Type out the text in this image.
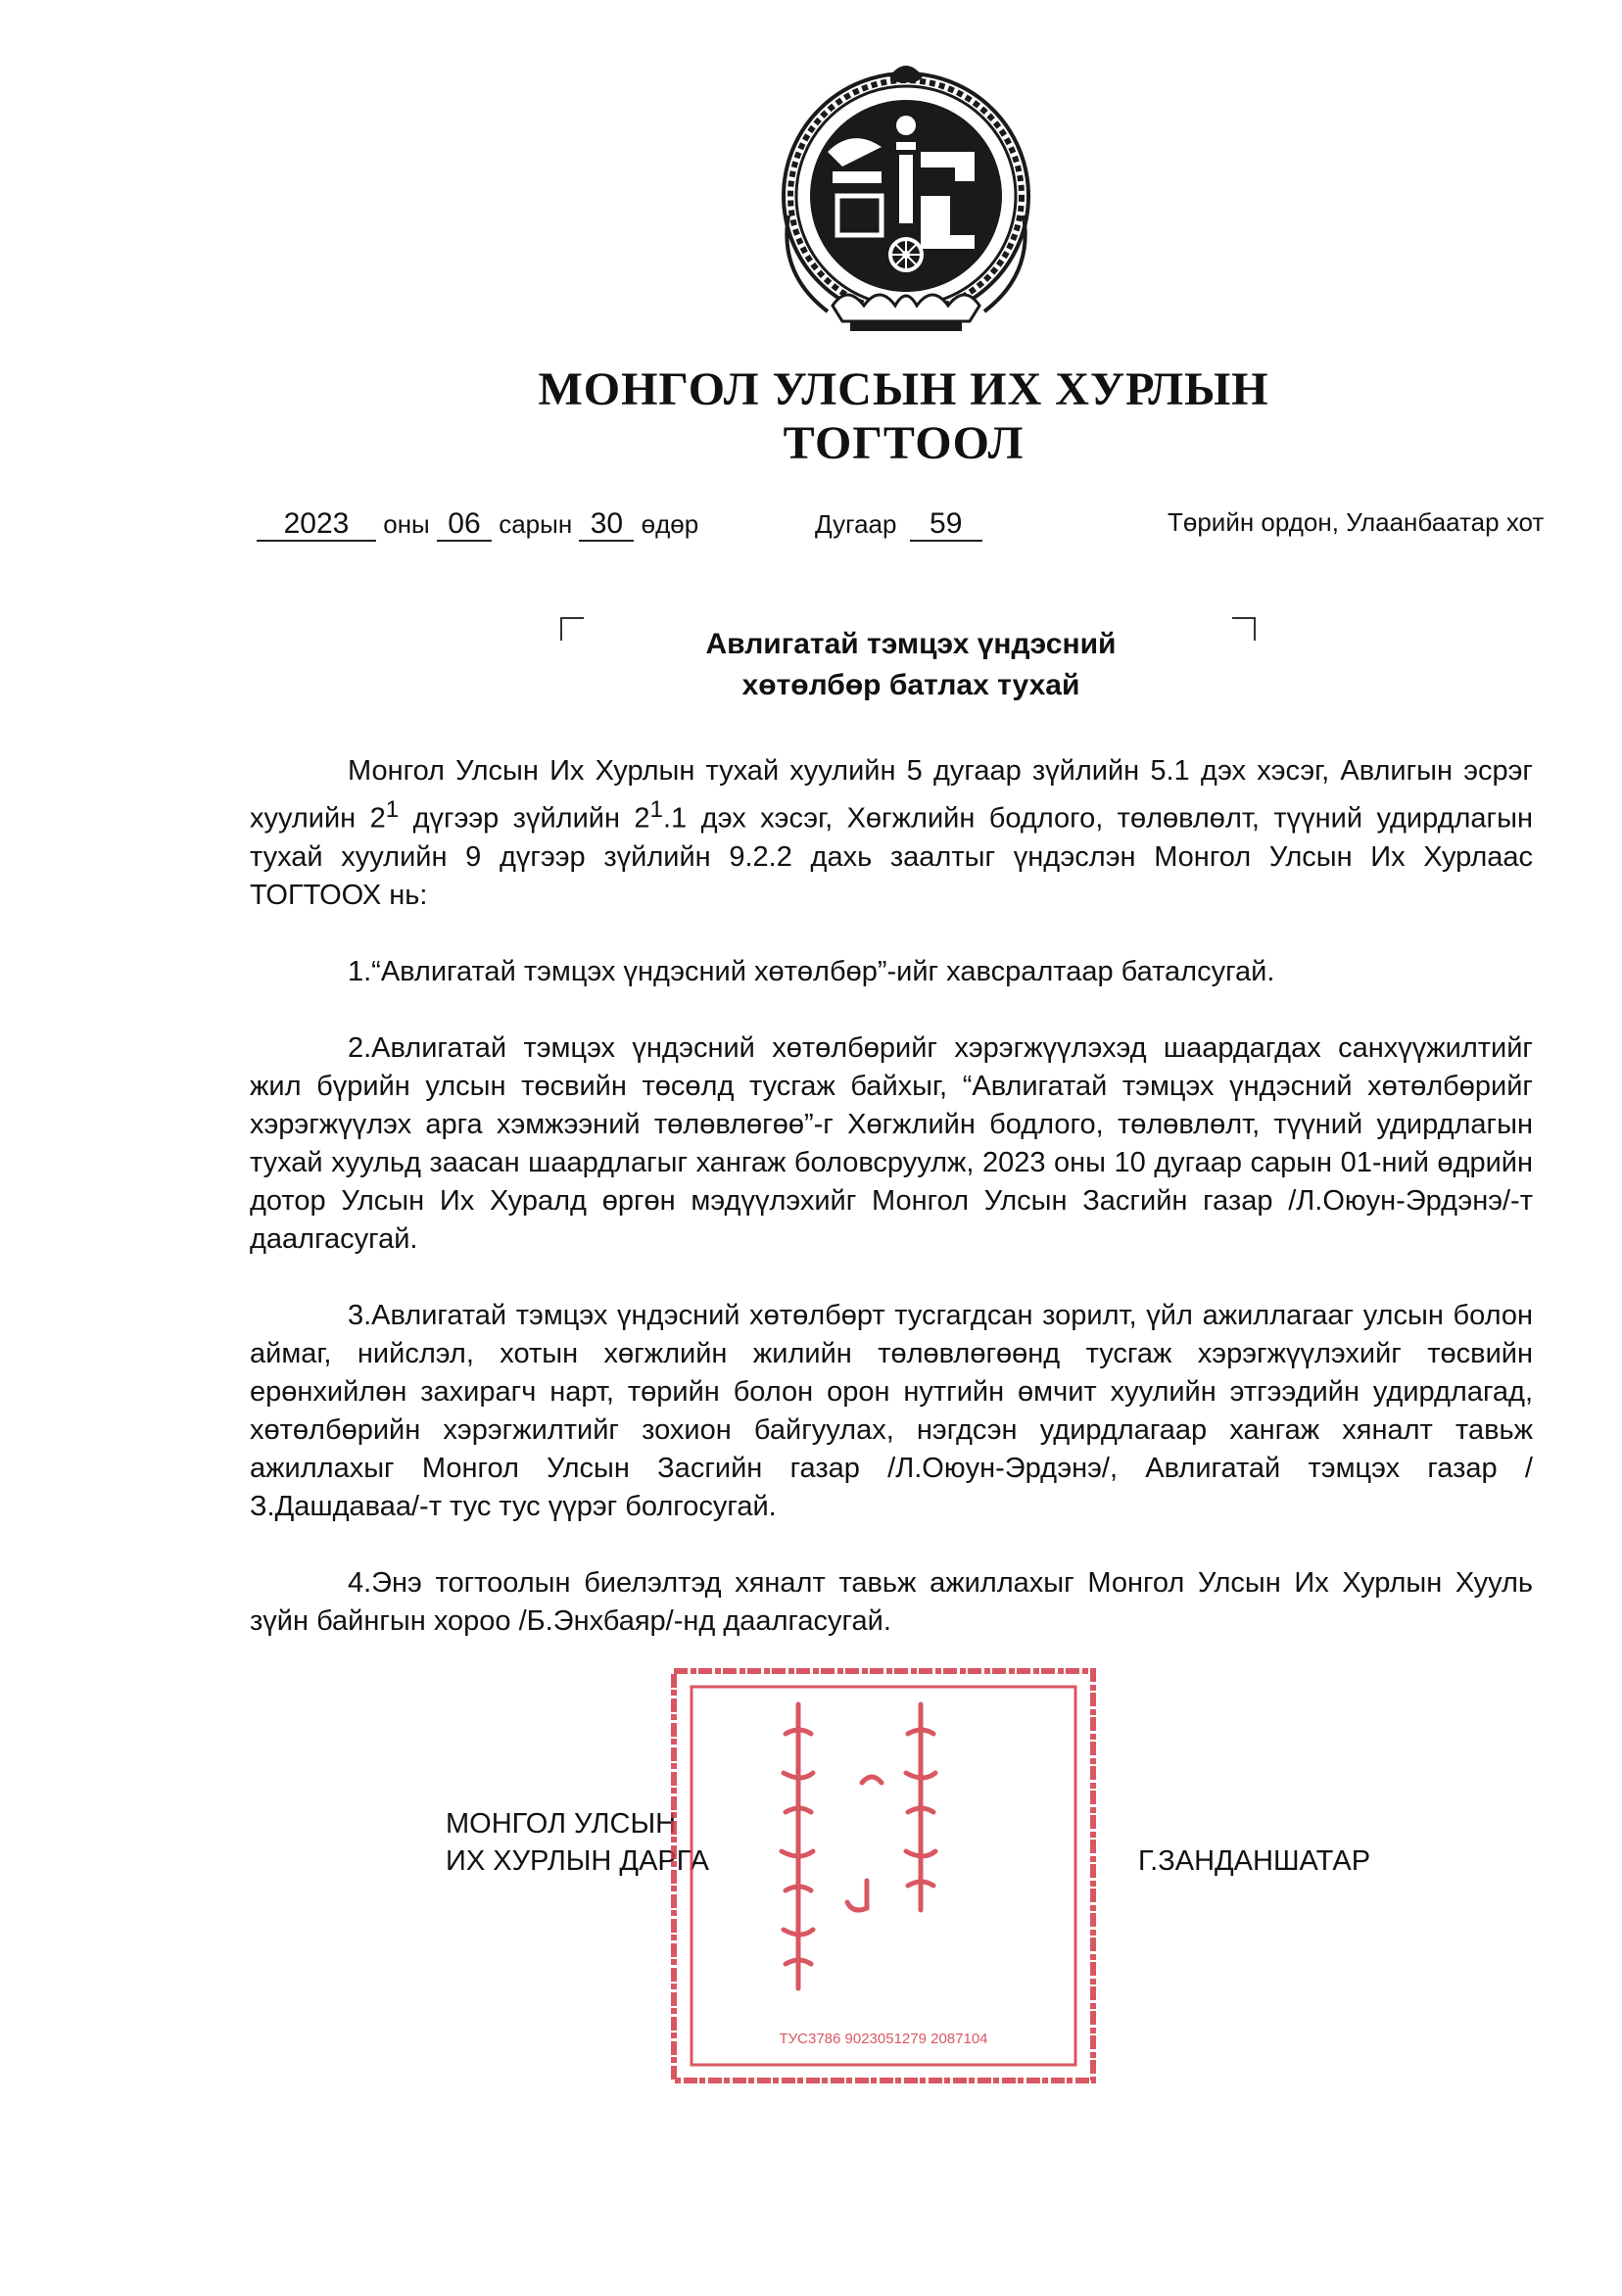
МОНГОЛ УЛСЫН ИХ ХУРЛЫН
ТОГТООЛ
2023 оны 06 сарын 30 өдөр	Дугаар 59	Төрийн ордон, Улаанбаатар хот
Авлигатай тэмцэх үндэсний
хөтөлбөр батлах тухай

Монгол Улсын Их Хурлын тухай хуулийн 5 дугаар зүйлийн 5.1 дэх хэсэг, Авлигын эсрэг хуулийн $2^1$ дүгээр зүйлийн $2^1.1$ дэх хэсэг, Хөгжлийн бодлого, төлөвлөлт, түүний удирдлагын тухай хуулийн 9 дүгээр зүйлийн 9.2.2 дахь заалтыг үндэслэн Монгол Улсын Их Хурлаас ТОГТООХ нь:

1.“Авлигатай тэмцэх үндэсний хөтөлбөр”-ийг хавсралтаар баталсугай.

2.Авлигатай тэмцэх үндэсний хөтөлбөрийг хэрэгжүүлэхэд шаардагдах санхүүжилтийг жил бүрийн улсын төсвийн төсөлд тусгаж байхыг, “Авлигатай тэмцэх үндэсний хөтөлбөрийг хэрэгжүүлэх арга хэмжээний төлөвлөгөө”-г Хөгжлийн бодлого, төлөвлөлт, түүний удирдлагын тухай хуульд заасан шаардлагыг хангаж боловсруулж, 2023 оны 10 дугаар сарын 01-ний өдрийн дотор Улсын Их Хуралд өргөн мэдүүлэхийг Монгол Улсын Засгийн газар /Л.Оюун-Эрдэнэ/-т даалгасугай.

3.Авлигатай тэмцэх үндэсний хөтөлбөрт тусгагдсан зорилт, үйл ажиллагааг улсын болон аймаг, нийслэл, хотын хөгжлийн жилийн төлөвлөгөөнд тусгаж хэрэгжүүлэхийг төсвийн ерөнхийлөн захирагч нарт, төрийн болон орон нутгийн өмчит хуулийн этгээдийн удирдлагад, хөтөлбөрийн хэрэгжилтийг зохион байгуулах, нэгдсэн удирдлагаар хангаж хяналт тавьж ажиллахыг Монгол Улсын Засгийн газар /Л.Оюун-Эрдэнэ/, Авлигатай тэмцэх газар /З.Дашдаваа/-т тус тус үүрэг болгосугай.

4.Энэ тогтоолын биелэлтэд хяналт тавьж ажиллахыг Монгол Улсын Их Хурлын Хууль зүйн байнгын хороо /Б.Энхбаяр/-нд даалгасугай.

МОНГОЛ УЛСЫН
ИХ ХУРЛЫН ДАРГА	Г.ЗАНДАНШАТАР
ТУС3786 9023051279 2087104
